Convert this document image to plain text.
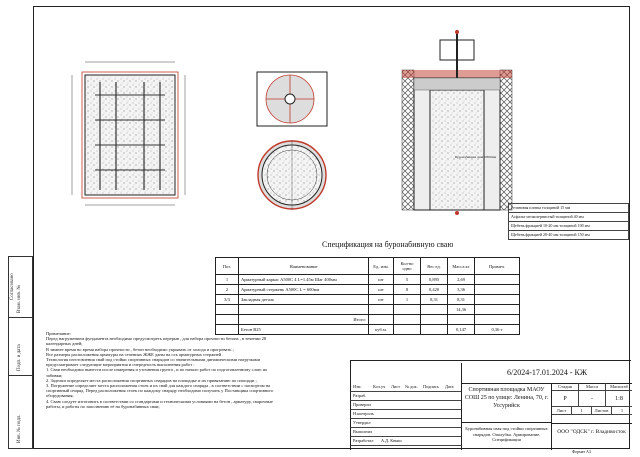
Согласовано Взам. инв. №
Подп. и дата
Инв. № подл.
Буронабивная свая Ø300мм
Резиновая плитка толщиной 15 мм
Асфальт мелкозернистый толщиной 40 мм
Щебень фракцией 10-20 мм толщиной 100 мм
Щебень фракцией 20-40 мм толщиной 150 мм
Спецификация на буронабивную сваю
Поз.	Наименование	Ед. изм.	Кол-во одно	Вес ед.	Масса кг	Примеч.
1	Арматурный каркас A500С 4 L=1.45м Шаг 400мм	шт	5	0,895	2,69	
2	Арматурный стержень A500С L = 600мм	шт	8	0,420	3,36	
3/3	Закладная деталь	шт	1	8,31	8,31	
					14,36	
	Итого:					
	Бетон В25	куб.м.			0,147	0,36 т

Примечание:

Перед нагружением фундамента необходимо предусмотреть перерыв , для набора прочности бетона , в течении 28

календарных дней;

В зимнее время во время набора прочности , бетон необходимо укрывать от холода и прогревать ;

Все размеры расположения арматуры на сечениях ЖЖЕ даны на ось арматурных стержней .

Технология изготовления свай под стойки спортивных снарядов со значительными динамическими нагрузками

предусматривает следующие мероприятия и очередность выполнения работ :

1. Сваи необходимо вынести после измерения и уточнения грунта , и по начало работ по подготовленному слою их

забивки;

2. Заделки определяет места расположения спортивных снарядов на площадке и их привязанию по площади ;

3. Погружение определяет места расположения стоек и их свай для каждого снаряда , в соответствии с паспортом на

спортивный снаряд. Перед расположения стоек по каждому снаряду необходимо получить у Поставщика спортивного

оборудования;

4. Сваю следует изготовить в соответствии со стандартами и техническими условиями на бетон , арматуру, сварочные

работы, и работы по заполнению её на буронабивных сваи;

6/2024-17.01.2024 - КЖ
Изм.	Кол.уч Лист № док. Подпись Дата
Разраб.
Проверил
Н.контроль
Утвердил
Выполнил
Разработал А.Д. Кныш
Спортивная площадка МАОУ СОШ 25 по улице: Ленина, 70, г. Уссурийск
Буронабивная свая под стойки спортивных снарядов. Опалубка. Армирование. Спецификация
Стадия	Масса	Масштаб
Р	-	1:8
Лист	1	Листов	1
ООО "ОДСК" г. Владивосток
Формат А3
